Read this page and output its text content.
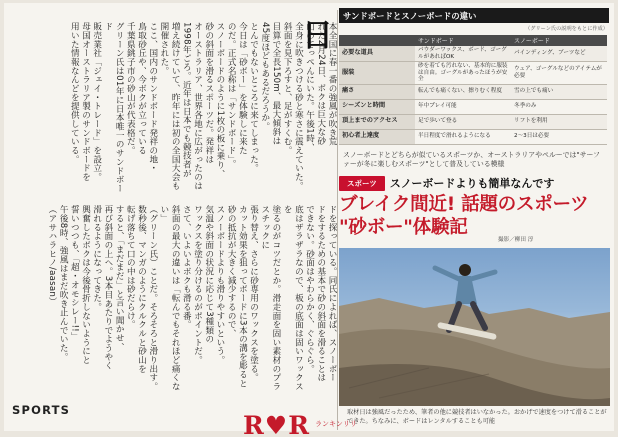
日
本全国に春一番の強風が吹き荒
れた2月24日、ボクは巨大な砂
山のてっぺんにいた。午後1時、
全身に吹きつける砂と寒さに震えていた。
斜面を見下ろすと、足がすくむ。
目算で全長150m、最大傾斜は
45度ほどもあるだろうか。
とんでもないところに来てしまった。
今日は「砂ボー」を体験しに来た
のだ。正式名称は「サンドボード」。
スノーボードのように1枚の板に乗り、
砂の斜面を滑るスポーツだ。発祥は
オーストラリア、世界各地に広がったのは
1998年ごろ。近年は日本でも競技者が
増え続けていて、昨年には初の全国大会も
開催された。
ここ、国内のサンドボード発祥の地・
鳥取砂丘や、今ボクが立っている
千葉県銚子市の砂山が代表格だ。
グリーン氏は01年に日本唯一のサンドボード
販売業社「ジェイ・トレード」を設立。
母国オーストラリア製のサンドボードを
用いた情報なんどを提供している。
ドを探っている。同氏によれば、スノーボー
ドをするための基本で砂の斜面を滑ることは
できない。砂面はやわらかく、ぐらぐら。
底はザラザラなので、板の底面は固いワックスを
塗るのがコツだとか。滑走面を固い素材のプラスチックに
張り替え、さらに砂専用のワックスを塗る。
カット効果を狙ってボードに3本の溝を彫ると
砂の抵抗が大きく減少するので、
スノーボードよりも滑りやすいという。
気温や斜面の状況に応じて3種類の
ワックスを塗り分けるのがポイントだ。
さて、いよいよボクも滑る番。
斜面の最大の違いは「転んでもそれほど痛くない」
（グリーン氏）ことだ。そろそろと滑り出す。
数秒後、マンガのようにクルクルと砂山を
転げ落ちて口の中は砂だらけ。
すると、「まだまだ」と言い聞かせ、
再び斜面の上へ。3本目あたりでようやく
滑れるようになってきた。
興奮したボクは今後骨折しないようにと
誓いつつも、「超・オモシレー!!」
午後8時、強風はまだ吹き止んでいた。
（アサハラヒノ/aasan）
サンドボードとスノーボードの違い
（グリーン氏の説明をもとに作成）
	サンドボード	スノーボード
必要な道具	パウダーワックス、ボード、ゴーグルがあればOK	パインディング、ブーツなど
服装	砂を着ても汚れない、基本的に服装は自由。ゴーグルがあったほうが安全	ウェア、ゴーグルなどのアイテムが必要
痛さ	転んでも痛くない、擦りむく程度	雪の上でも痛い
シーズンと時間	年中プレイ可能	冬季のみ
頂上までのアクセス	足で歩いて登る	リフトを利用
初心者上達度	半日程度で滑れるようになる	2〜3日は必要
スノーボードとどちらが似ているスポーツか、オーストラリアやペルーでは"サーファーが冬に楽しむスポーツ"として普及している模様
スポーツ	スノーボードよりも簡単なんです
ブレイク間近! 話題のスポーツ
"砂ボー"体験記
撮影／柳田 淳
取材日は強風だったため、筆者の他に競技者はいなかった。おかげで速度をつけて滑ることができた。ちなみに、ボードはレンタルすることも可能
SPORTS
R♥R ランキンリリ
